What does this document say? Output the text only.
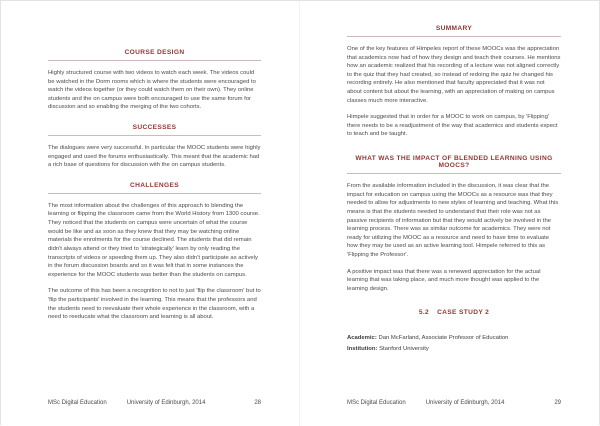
COURSE DESIGN

Highly structured course with two videos to watch each week. The videos could be watched in the Dorm rooms which is where the students were encouraged to watch the videos together (or they could watch them on their own). They online students and the on campus were both encouraged to use the same forum for discussion and so enabling the merging of the two cohorts.

SUCCESSES

The dialogues were very successful. In particular the MOOC students were highly engaged and used the forums enthusiastically. This meant that the academic had a rich base of questions for discussion with the on campus students.

CHALLENGES

The most information about the challenges of this approach to blending the learning or flipping the classroom came from the World History from 1300 course. They noticed that the students on campus were uncertain of what the course would be like and as soon as they knew that they may be watching online materials the enrolments for the course declined. The students that did remain didn't always attend or they tried to 'strategically' learn by only reading the transcripts of videos or speeding them up. They also didn't participate as actively in the forum discussion boards and so it was felt that in some instances the experience for the MOOC students was better than the students on campus.

The outcome of this has been a recognition to not to just 'flip the classroom' but to 'flip the participants' involved in the learning. This means that the professors and the students need to reevaluate their whole experience in the classroom, with a need to reeducate what the classroom and learning is all about.

MSc Digital Education	University of Edinburgh, 2014	28
SUMMARY

One of the key features of Himpeles report of these MOOCs was the appreciation that academics now had of how they design and teach their courses. He mentions how an academic realized that his recording of a lecture was not aligned correctly to the quiz that they had created, so instead of redoing the quiz he changed his recording entirely. He also mentioned that faculty appreciated that it was not about content but about the learning, with an appreciation of making on campus classes much more interactive.

Himpele suggested that in order for a MOOC to work on campus, by 'Flipping' there needs to be a readjustment of the way that academics and students expect to teach and be taught.

WHAT WAS THE IMPACT OF BLENDED LEARNING USING MOOCS?

From the available information included in the discussion, it was clear that the impact for education on campus using the MOOCs as a resource was that they needed to allow for adjustments to new styles of learning and teaching. What this means is that the students needed to understand that their role was not as passive recipients of information but that they would actively be involved in the learning process. There was as similar outcome for academics. They were not ready for utilizing the MOOC as a resource and need to have time to evaluate how they may be used as an active learning tool. Himpele referred to this as 'Flipping the Professor'.

A positive impact was that there was a renewed appreciation for the actual learning that was taking place, and much more thought was applied to the learning design.

5.2 CASE STUDY 2

Academic: Dan McFarland, Associate Professor of Education

Institution: Stanford University

MSc Digital Education	University of Edinburgh, 2014	29
